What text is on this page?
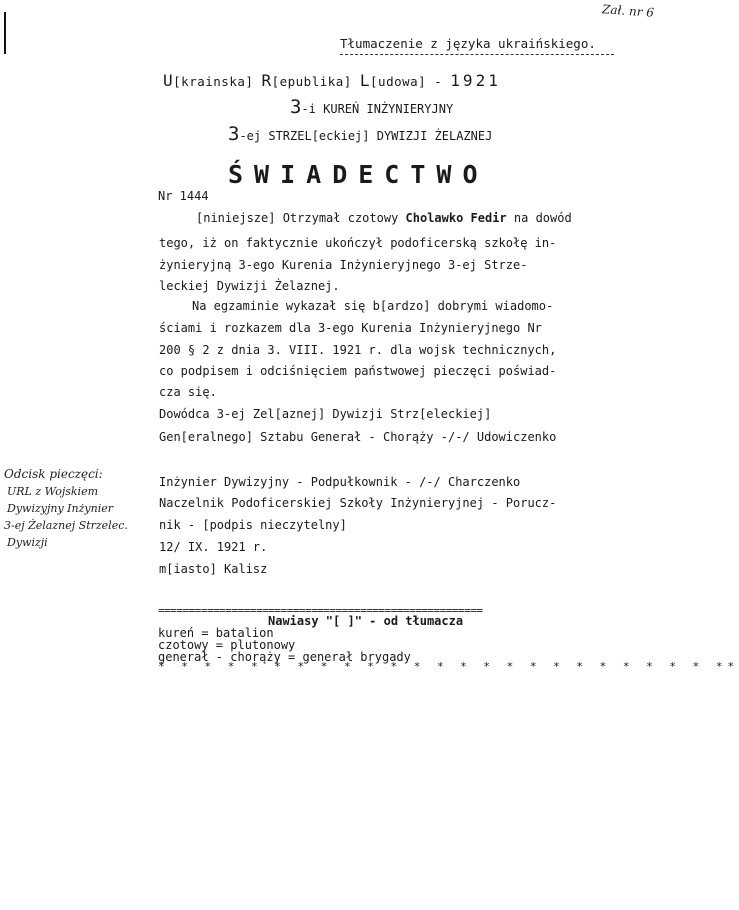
Zał. nr 6
Tłumaczenie z języka ukraińskiego.
U[krainska] R[epublika] L[udowa] - 1921
3-i KUREŃ INŻYNIERYJNY
3-ej STRZEL[eckiej] DYWIZJI ŻELAZNEJ
ŚWIADECTWO
Nr 1444
[niniejsze] Otrzymał czotowy Cholawko Fedir na dowód
tego, iż on faktycznie ukończył podoficerską szkołę in-
żynieryjną 3-ego Kurenia Inżynieryjnego 3-ej Strze-
leckiej Dywizji Żelaznej.
Na egzaminie wykazał się b[ardzo] dobrymi wiadomo-
ściami i rozkazem dla 3-ego Kurenia Inżynieryjnego Nr
200 § 2 z dnia 3. VIII. 1921 r. dla wojsk technicznych,
co podpisem i odciśnięciem państwowej pieczęci poświad-
cza się.
Dowódca 3-ej Zel[aznej] Dywizji Strz[eleckiej]
Gen[eralnego] Sztabu Generał - Chorąży -/-/ Udowiczenko
Inżynier Dywizyjny - Podpułkownik - /-/ Charczenko
Naczelnik Podoficerskiej Szkoły Inżynieryjnej - Porucz-
nik - [podpis nieczytelny]
12/ IX. 1921 r.
m[iasto] Kalisz
Odcisk pieczęci:
URL z Wojskiem
Dywizyjny Inżynier
3-ej Żelaznej Strzelec.
Dywizji
=====================================================
Nawiasy "[ ]" - od tłumacza
kureń = batalion
czotowy = plutonowy
generał - chorąży = generał brygady
* * * * * * * * * * * * * * * * * * * * * * * * **
